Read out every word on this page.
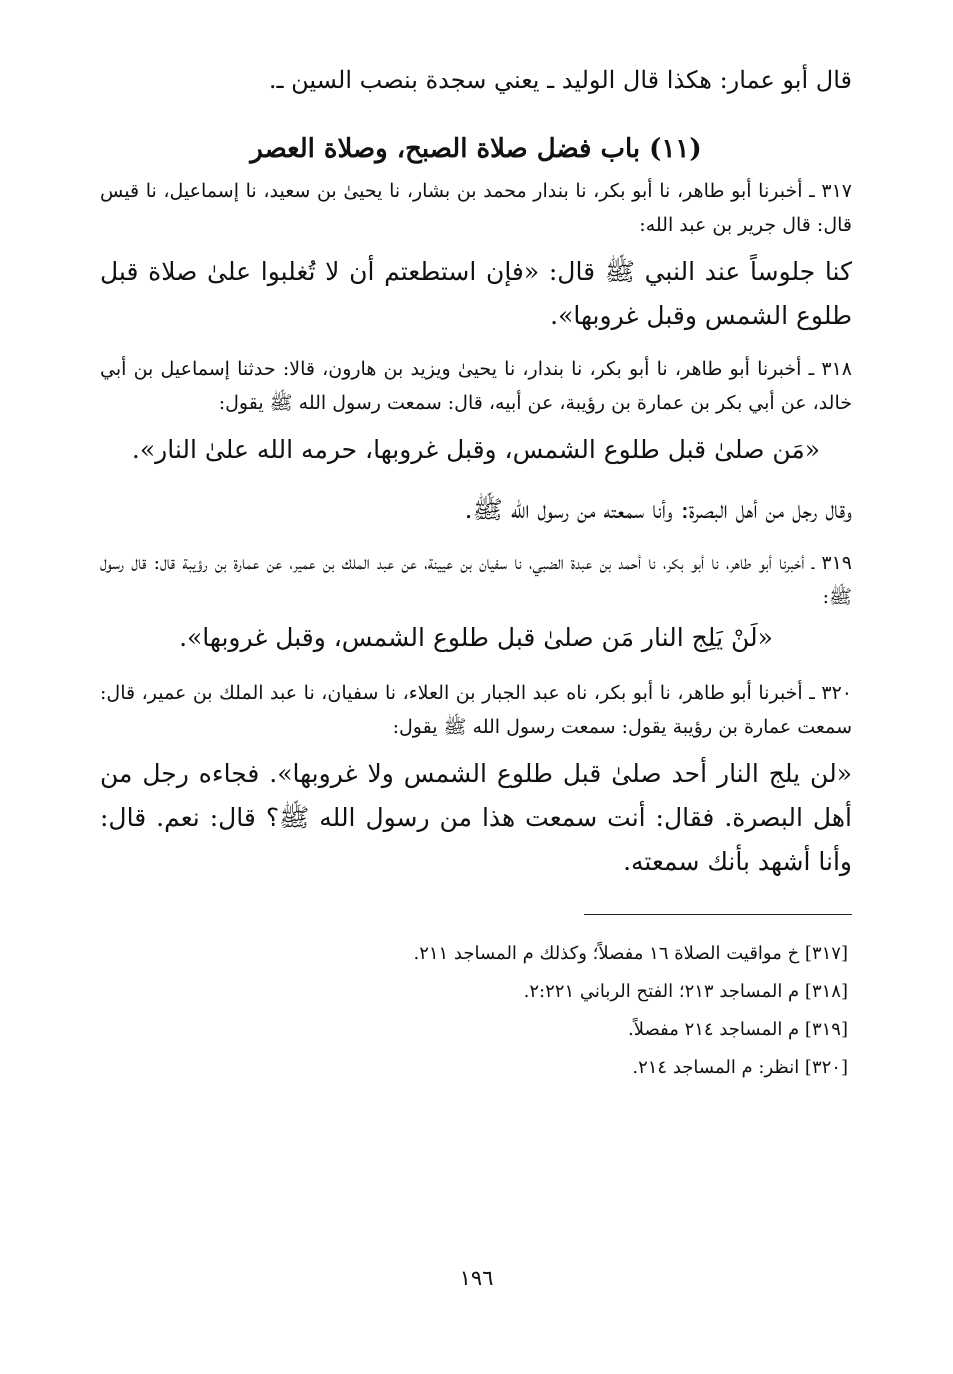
قال أبو عمار: هكذا قال الوليد ـ يعني سجدة بنصب السين ـ.

(١١) باب فضل صلاة الصبح، وصلاة العصر

٣١٧ ـ أخبرنا أبو طاهر، نا أبو بكر، نا بندار محمد بن بشار، نا يحيىٰ بن سعيد، نا إسماعيل، نا قيس قال: قال جرير بن عبد الله:

كنا جلوساً عند النبي ﷺ قال: «فإن استطعتم أن لا تُغلبوا علىٰ صلاة قبل طلوع الشمس وقبل غروبها».

٣١٨ ـ أخبرنا أبو طاهر، نا أبو بكر، نا بندار، نا يحيىٰ ويزيد بن هارون، قالا: حدثنا إسماعيل بن أبي خالد، عن أبي بكر بن عمارة بن رؤيبة، عن أبيه، قال: سمعت رسول الله ﷺ يقول:

«مَن صلىٰ قبل طلوع الشمس، وقبل غروبها، حرمه الله علىٰ النار».

وقال رجل من أهل البصرة: وأنا سمعته من رسول الله ﷺ.

٣١٩ ـ أخبرنا أبو طاهر، نا أبو بكر، نا أحمد بن عبدة الضبي، نا سفيان بن عيينة، عن عبد الملك بن عمير، عن عمارة بن رؤيبة قال: قال رسول ﷺ:

«لَنْ يَلِج النار مَن صلىٰ قبل طلوع الشمس، وقبل غروبها».

٣٢٠ ـ أخبرنا أبو طاهر، نا أبو بكر، ناه عبد الجبار بن العلاء، نا سفيان، نا عبد الملك بن عمير، قال: سمعت عمارة بن رؤيبة يقول: سمعت رسول الله ﷺ يقول:

«لن يلج النار أحد صلىٰ قبل طلوع الشمس ولا غروبها». فجاءه رجل من أهل البصرة. فقال: أنت سمعت هذا من رسول الله ﷺ؟ قال: نعم. قال: وأنا أشهد بأنك سمعته.

[٣١٧] خ مواقيت الصلاة ١٦ مفصلاً؛ وكذلك م المساجد ٢١١.

[٣١٨] م المساجد ٢١٣؛ الفتح الرباني ٢:٢٢١.

[٣١٩] م المساجد ٢١٤ مفصلاً.

[٣٢٠] انظر: م المساجد ٢١٤.

١٩٦
